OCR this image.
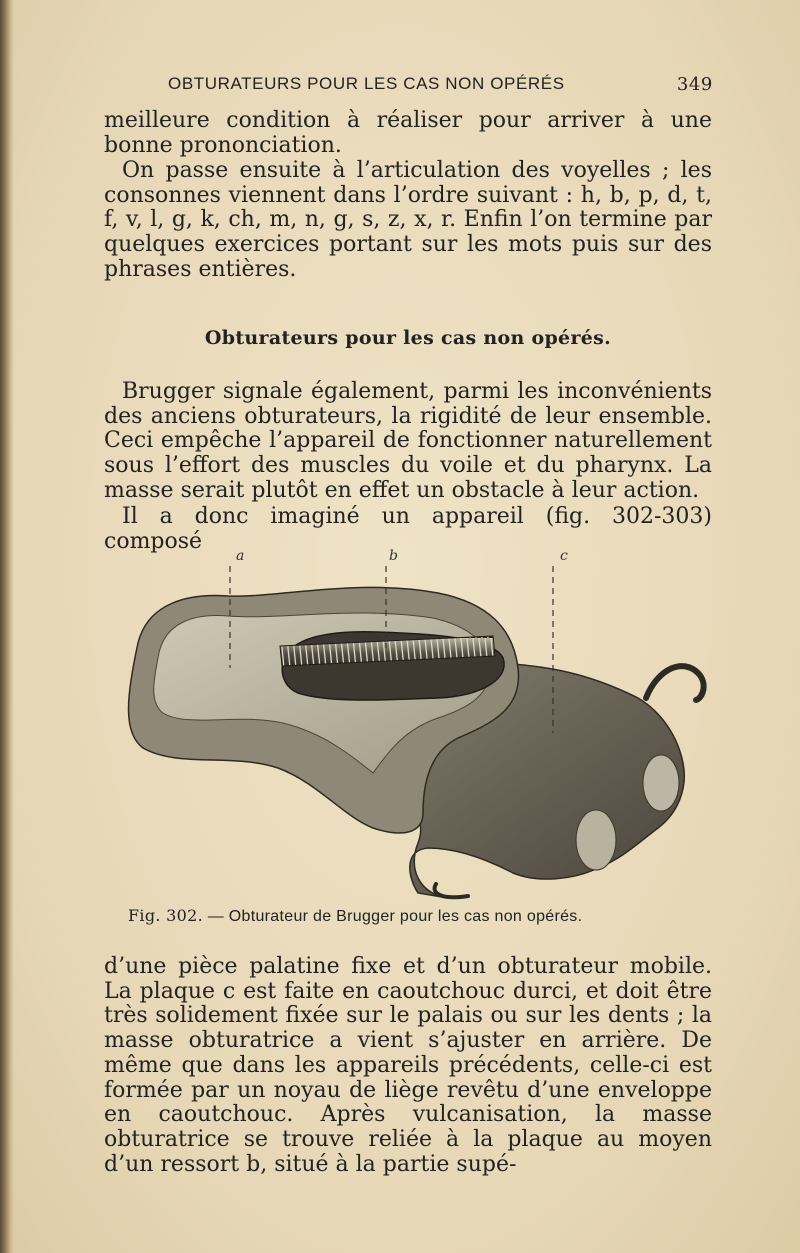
OBTURATEURS POUR LES CAS NON OPÉRÉS	349

meilleure condition à réaliser pour arriver à une bonne prononciation.

On passe ensuite à l’articulation des voyelles ; les consonnes viennent dans l’ordre suivant : h, b, p, d, t, f, v, l, g, k, ch, m, n, g, s, z, x, r. Enfin l’on termine par quelques exercices portant sur les mots puis sur des phrases entières.

Obturateurs pour les cas non opérés.

Brugger signale également, parmi les inconvénients des anciens obturateurs, la rigidité de leur ensemble. Ceci empêche l’appareil de fonctionner naturellement sous l’effort des muscles du voile et du pharynx. La masse serait plutôt en effet un obstacle à leur action.

Il a donc imaginé un appareil (fig. 302-303) composé

a	b	c
Fig. 302. — Obturateur de Brugger pour les cas non opérés.

d’une pièce palatine fixe et d’un obturateur mobile. La plaque c est faite en caoutchouc durci, et doit être très solidement fixée sur le palais ou sur les dents ; la masse obturatrice a vient s’ajuster en arrière. De même que dans les appareils précédents, celle-ci est formée par un noyau de liège revêtu d’une enveloppe en caoutchouc. Après vulcanisation, la masse obturatrice se trouve reliée à la plaque au moyen d’un ressort b, situé à la partie supé-
